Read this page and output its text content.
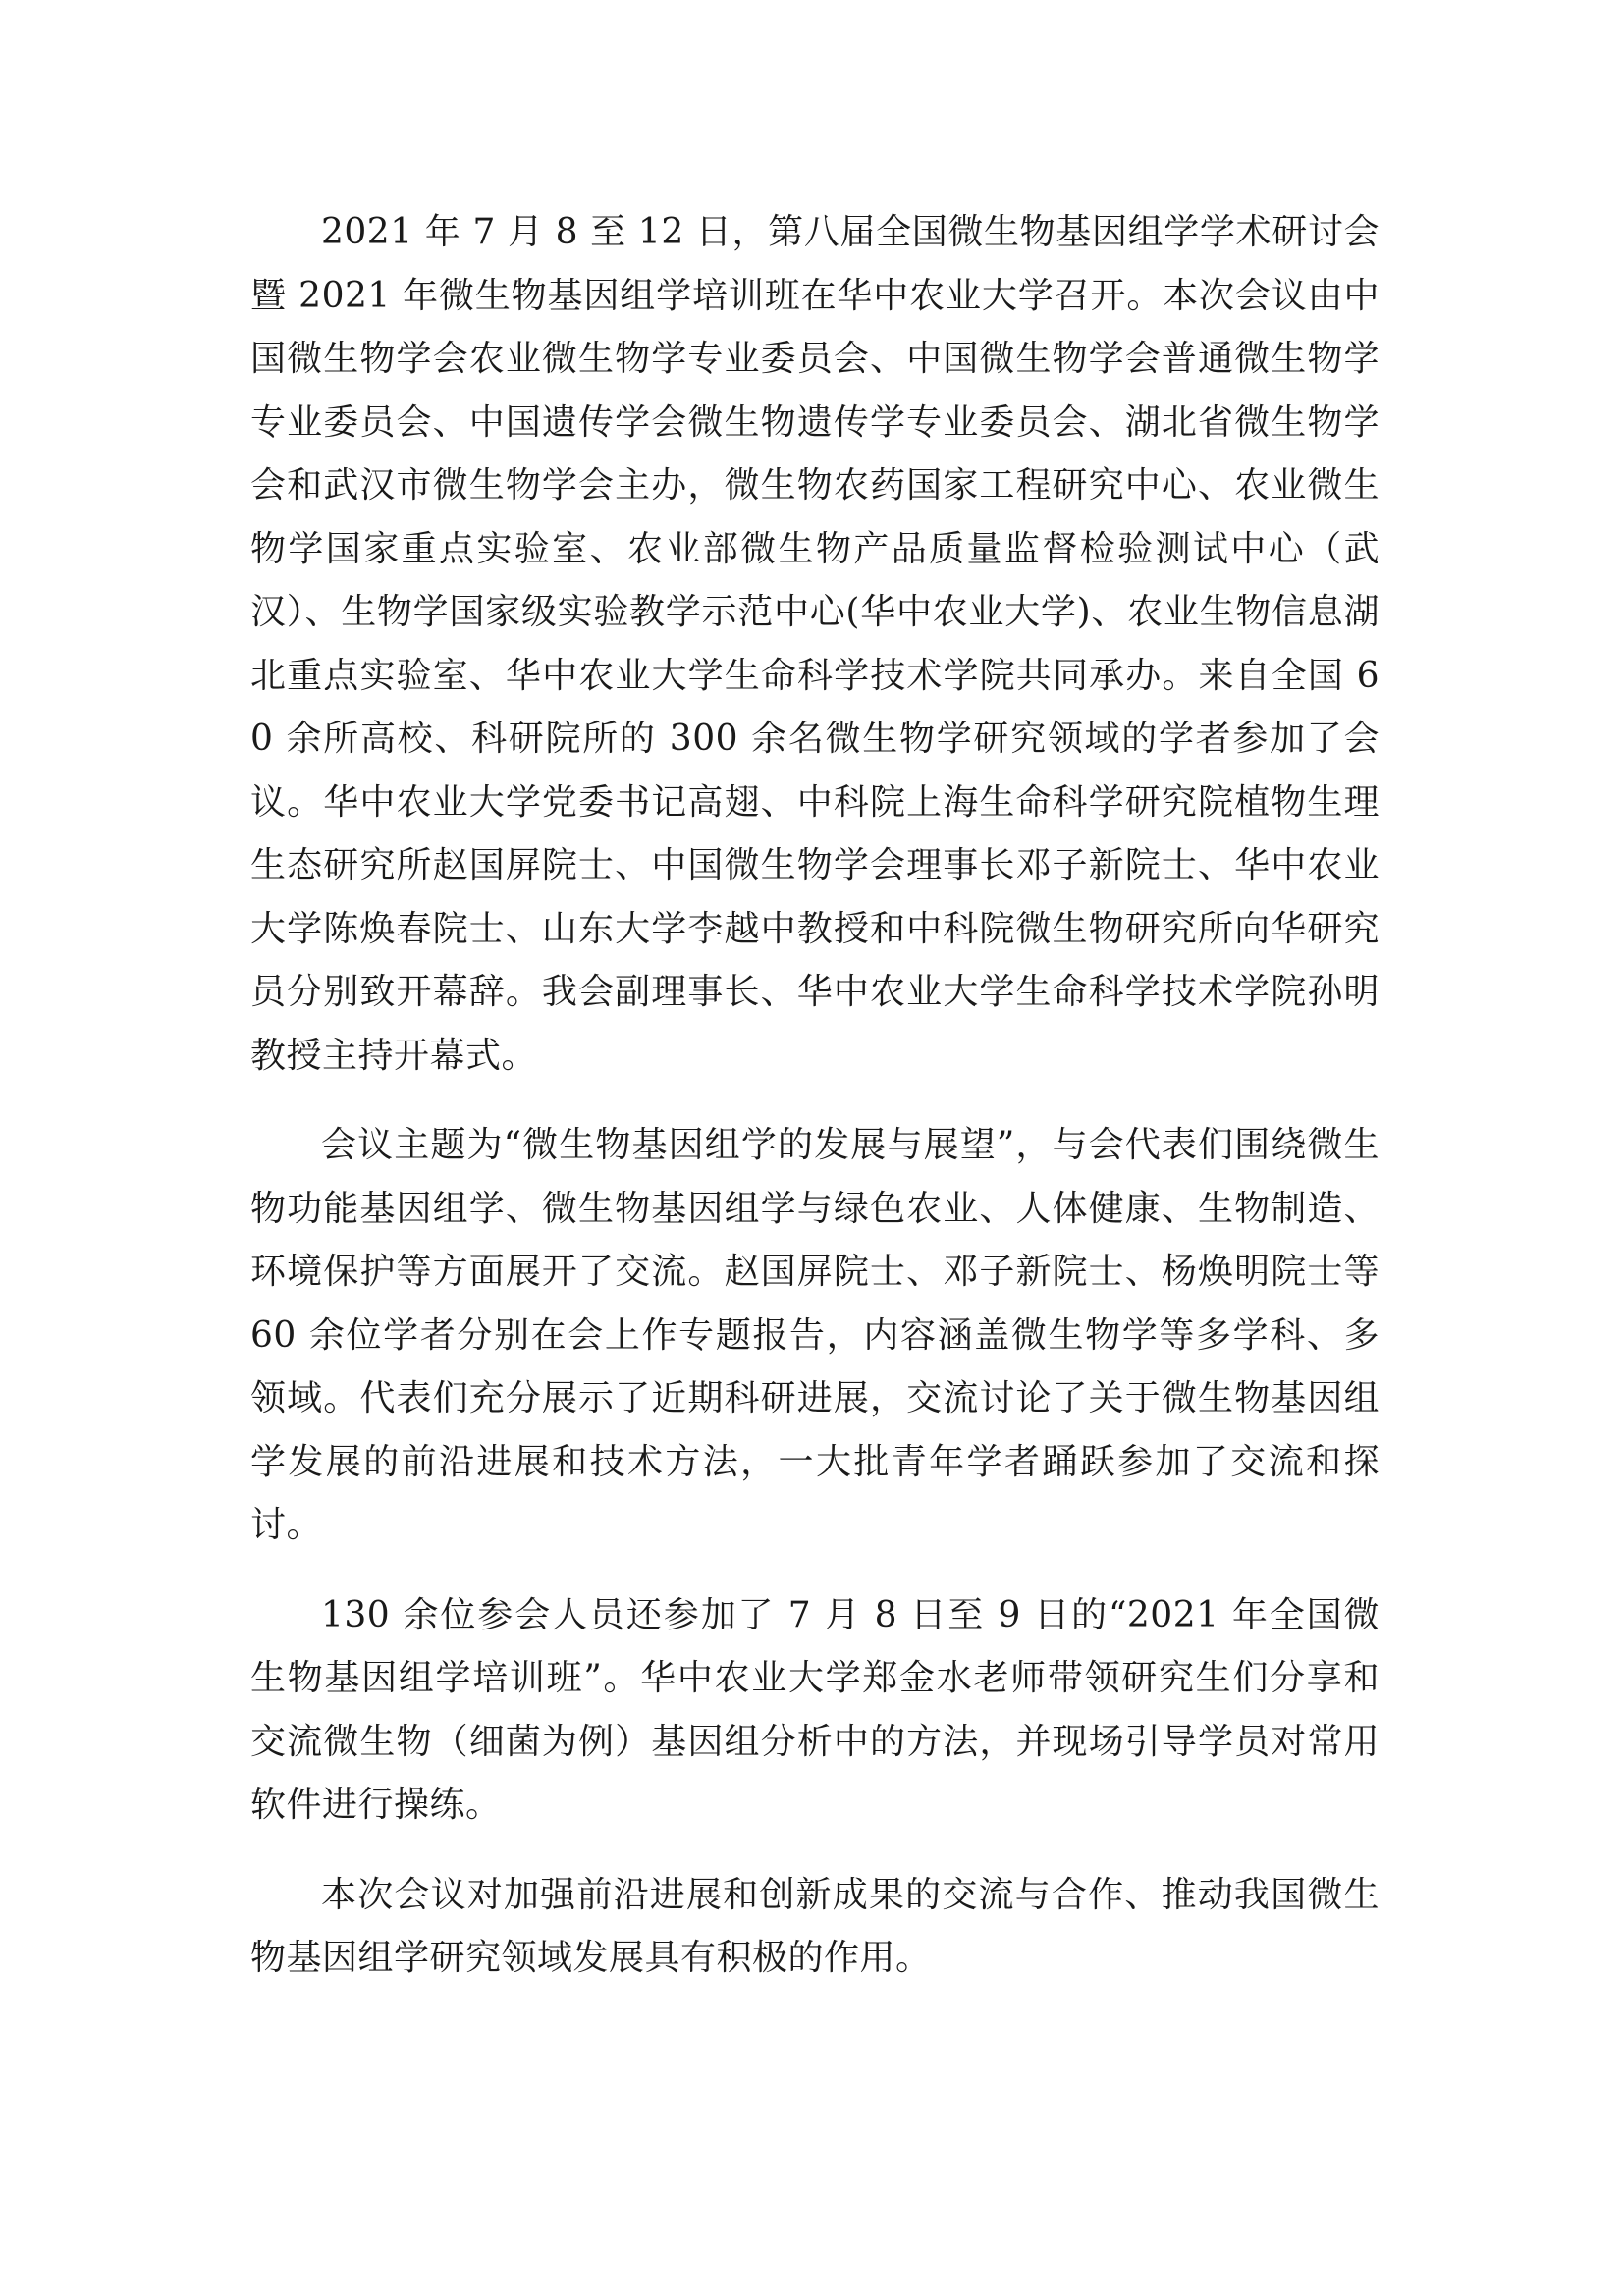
2021 年 7 月 8 至 12 日，第八届全国微生物基因组学学术研讨会暨 2021 年微生物基因组学培训班在华中农业大学召开。本次会议由中国微生物学会农业微生物学专业委员会、中国微生物学会普通微生物学专业委员会、中国遗传学会微生物遗传学专业委员会、湖北省微生物学会和武汉市微生物学会主办，微生物农药国家工程研究中心、农业微生物学国家重点实验室、农业部微生物产品质量监督检验测试中心（武汉）、生物学国家级实验教学示范中心(华中农业大学)、农业生物信息湖北重点实验室、华中农业大学生命科学技术学院共同承办。来自全国 60 余所高校、科研院所的 300 余名微生物学研究领域的学者参加了会议。华中农业大学党委书记高翅、中科院上海生命科学研究院植物生理生态研究所赵国屏院士、中国微生物学会理事长邓子新院士、华中农业大学陈焕春院士、山东大学李越中教授和中科院微生物研究所向华研究员分别致开幕辞。我会副理事长、华中农业大学生命科学技术学院孙明教授主持开幕式。

会议主题为“微生物基因组学的发展与展望”，与会代表们围绕微生物功能基因组学、微生物基因组学与绿色农业、人体健康、生物制造、环境保护等方面展开了交流。赵国屏院士、邓子新院士、杨焕明院士等 60 余位学者分别在会上作专题报告，内容涵盖微生物学等多学科、多领域。代表们充分展示了近期科研进展，交流讨论了关于微生物基因组学发展的前沿进展和技术方法，一大批青年学者踊跃参加了交流和探讨。

130 余位参会人员还参加了 7 月 8 日至 9 日的“2021 年全国微生物基因组学培训班”。华中农业大学郑金水老师带领研究生们分享和交流微生物（细菌为例）基因组分析中的方法，并现场引导学员对常用软件进行操练。

本次会议对加强前沿进展和创新成果的交流与合作、推动我国微生物基因组学研究领域发展具有积极的作用。
